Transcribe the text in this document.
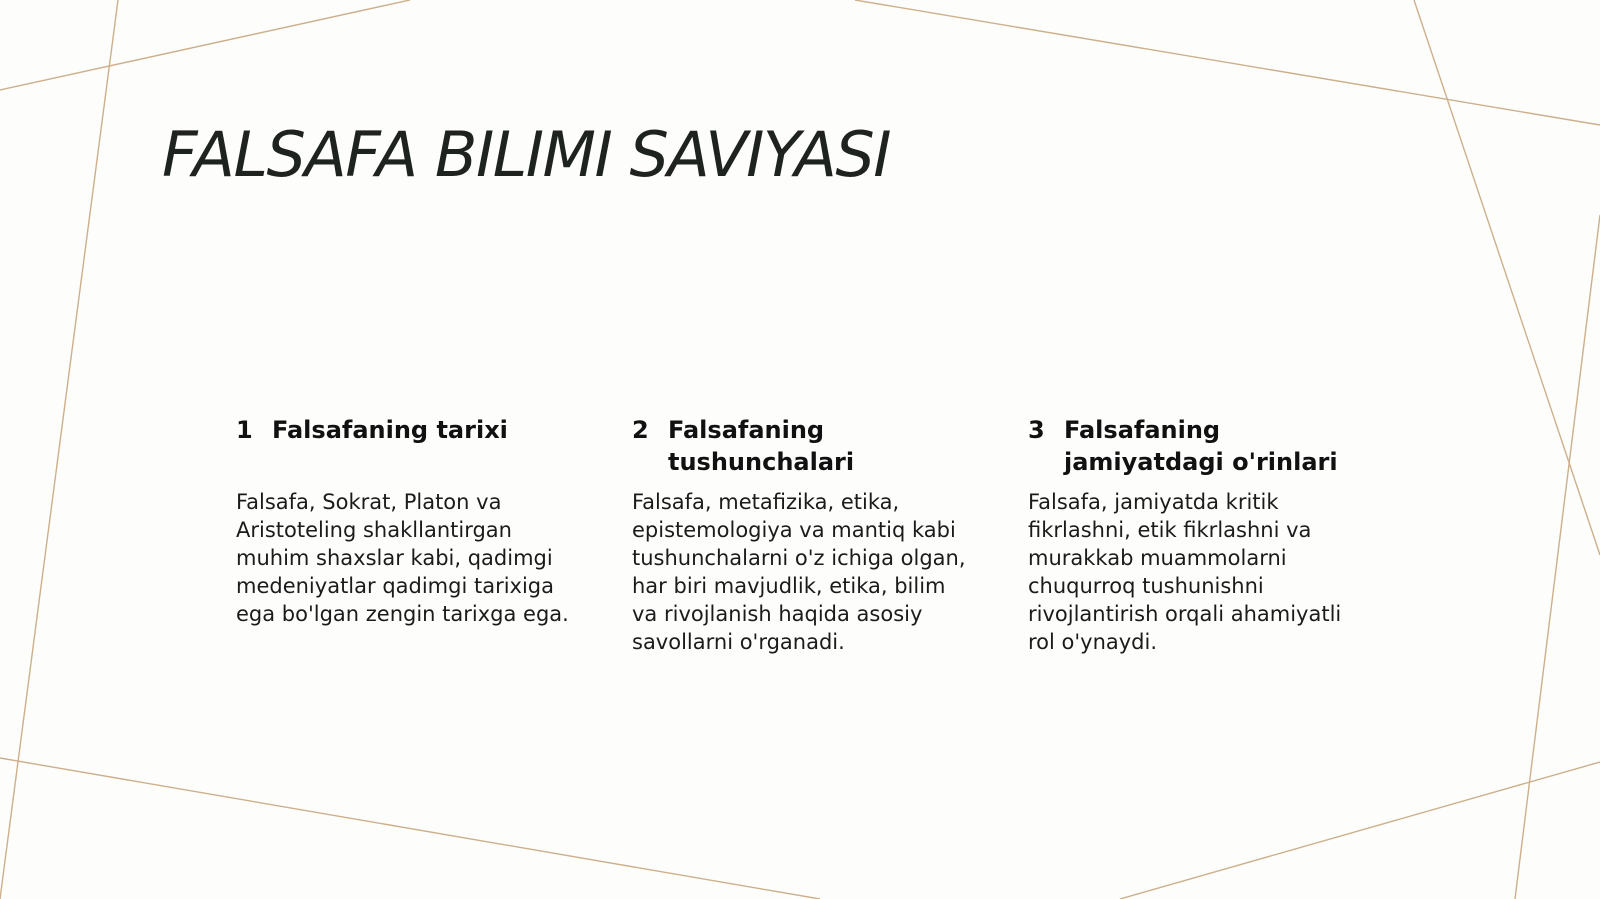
FALSAFA BILIMI SAVIYASI
1 Falsafaning tarixi

Falsafa, Sokrat, Platon va Aristoteling shakllantirgan muhim shaxslar kabi, qadimgi medeniyatlar qadimgi tarixiga ega bo'lgan zengin tarixga ega.

2 Falsafaning tushunchalari

Falsafa, metafizika, etika, epistemologiya va mantiq kabi tushunchalarni o'z ichiga olgan, har biri mavjudlik, etika, bilim va rivojlanish haqida asosiy savollarni o'rganadi.

3 Falsafaning jamiyatdagi o'rinlari

Falsafa, jamiyatda kritik fikrlashni, etik fikrlashni va murakkab muammolarni chuqurroq tushunishni rivojlantirish orqali ahamiyatli rol o'ynaydi.
